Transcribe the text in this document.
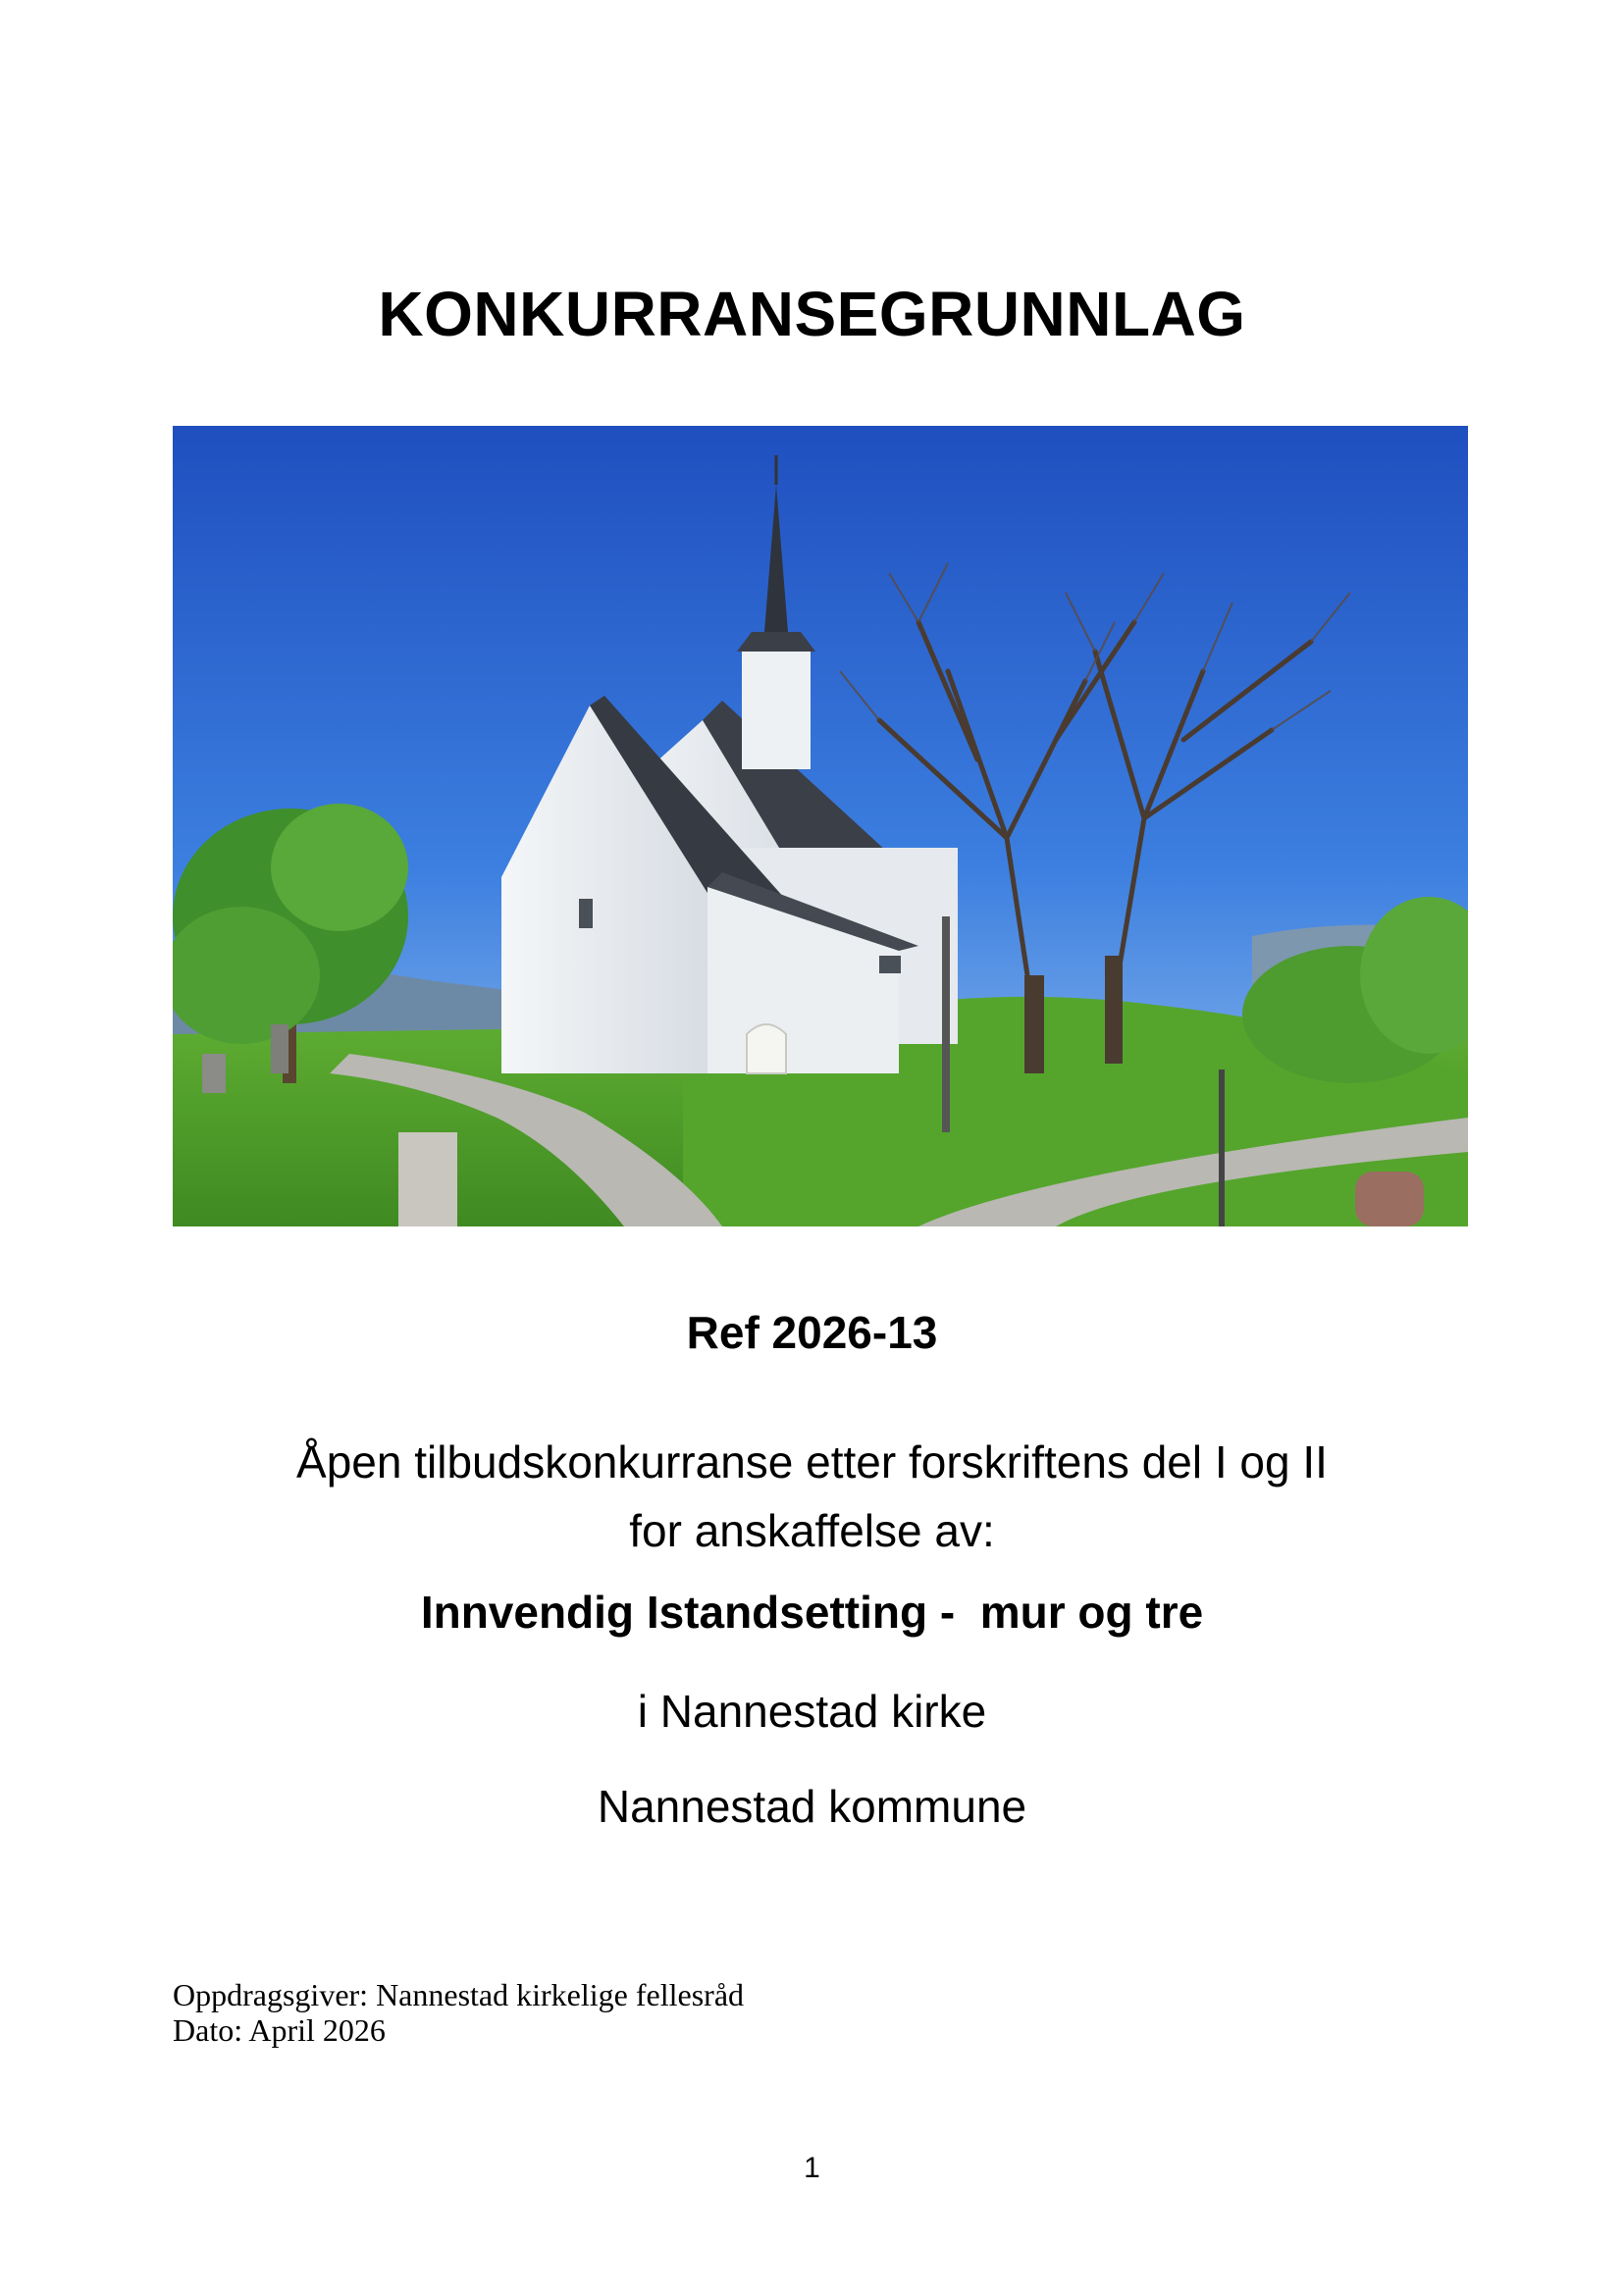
KONKURRANSEGRUNNLAG
Ref 2026-13
Åpen tilbudskonkurranse etter forskriftens del I og II
for anskaffelse av:
Innvendig Istandsetting -  mur og tre
i Nannestad kirke
Nannestad kommune
Oppdragsgiver: Nannestad kirkelige fellesråd
Dato: April 2026
1
